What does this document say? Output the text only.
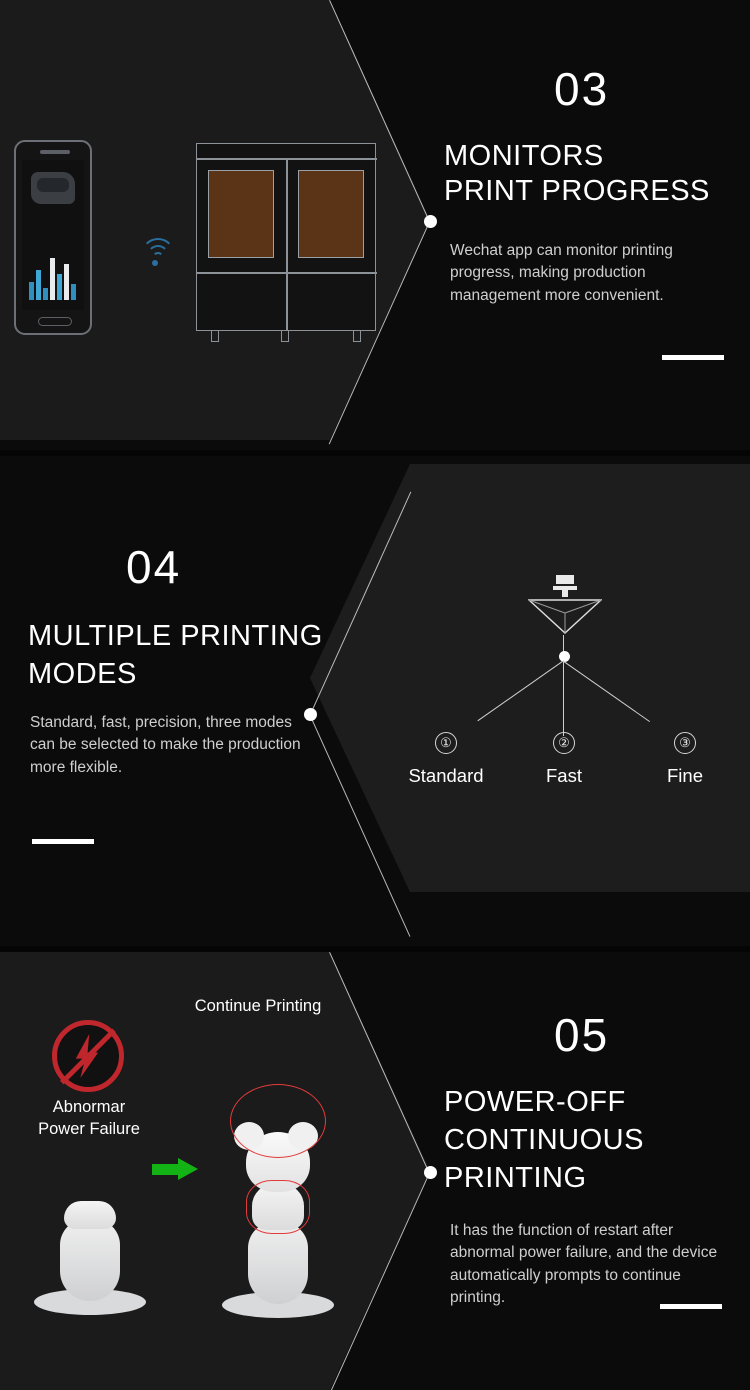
03
MONITORS
PRINT PROGRESS
Wechat app can monitor printing progress, making production management more convenient.
04
MULTIPLE PRINTING
MODES
Standard, fast, precision, three modes can be selected to make the production more flexible.
①	②	③
Standard	Fast	Fine
05
POWER-OFF
CONTINUOUS
PRINTING
It has the function of restart after abnormal power failure, and the device automatically prompts to continue printing.
Abnormar
Power Failure
Continue Printing
